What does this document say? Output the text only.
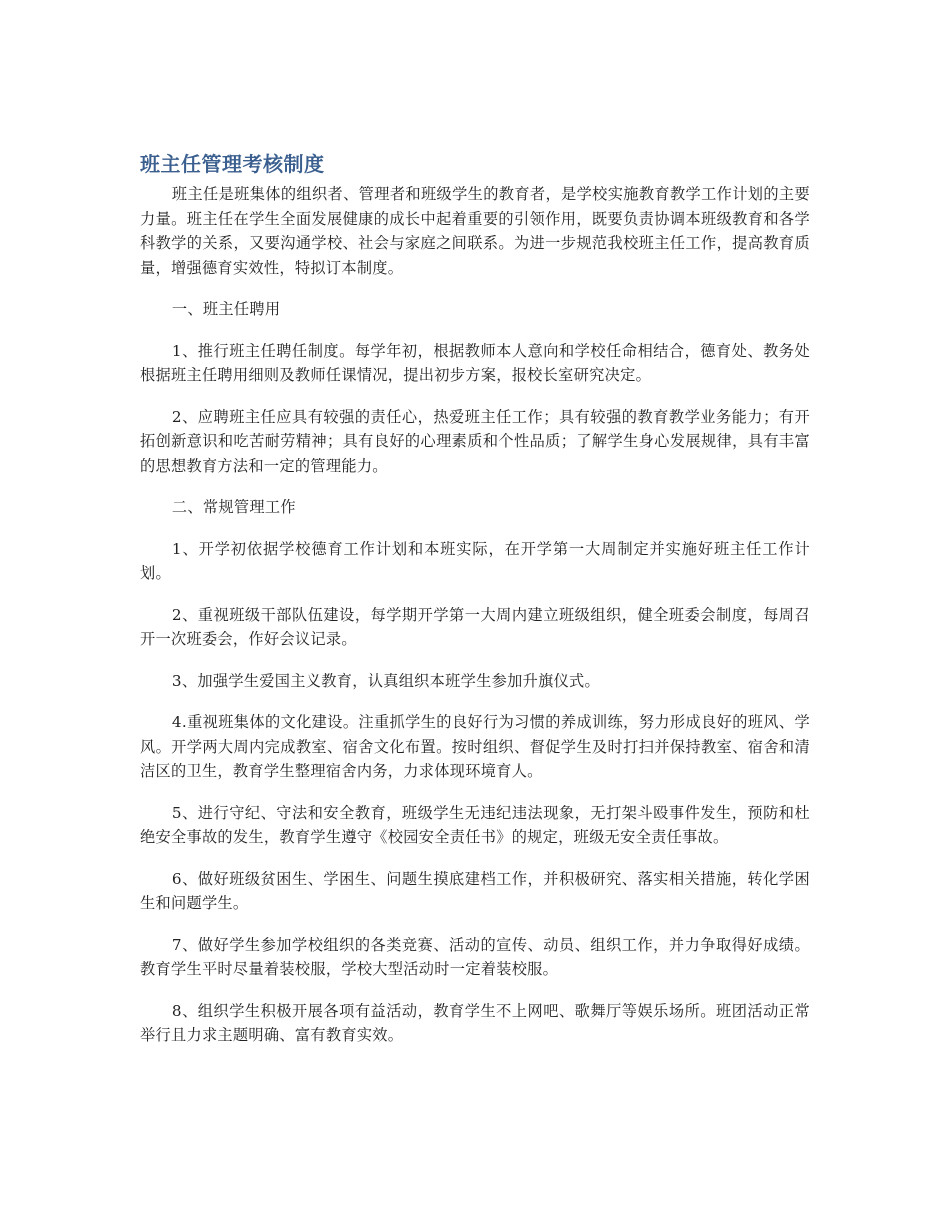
班主任管理考核制度

班主任是班集体的组织者、管理者和班级学生的教育者，是学校实施教育教学工作计划的主要力量。班主任在学生全面发展健康的成长中起着重要的引领作用，既要负责协调本班级教育和各学科教学的关系，又要沟通学校、社会与家庭之间联系。为进一步规范我校班主任工作，提高教育质量，增强德育实效性，特拟订本制度。

一、班主任聘用

1、推行班主任聘任制度。每学年初，根据教师本人意向和学校任命相结合，德育处、教务处根据班主任聘用细则及教师任课情况，提出初步方案，报校长室研究决定。

2、应聘班主任应具有较强的责任心，热爱班主任工作；具有较强的教育教学业务能力；有开拓创新意识和吃苦耐劳精神；具有良好的心理素质和个性品质；了解学生身心发展规律，具有丰富的思想教育方法和一定的管理能力。

二、常规管理工作

1、开学初依据学校德育工作计划和本班实际，在开学第一大周制定并实施好班主任工作计划。

2、重视班级干部队伍建设，每学期开学第一大周内建立班级组织，健全班委会制度，每周召开一次班委会，作好会议记录。

3、加强学生爱国主义教育，认真组织本班学生参加升旗仪式。

4.重视班集体的文化建设。注重抓学生的良好行为习惯的养成训练，努力形成良好的班风、学风。开学两大周内完成教室、宿舍文化布置。按时组织、督促学生及时打扫并保持教室、宿舍和清洁区的卫生，教育学生整理宿舍内务，力求体现环境育人。

5、进行守纪、守法和安全教育，班级学生无违纪违法现象，无打架斗殴事件发生，预防和杜绝安全事故的发生，教育学生遵守《校园安全责任书》的规定，班级无安全责任事故。

6、做好班级贫困生、学困生、问题生摸底建档工作，并积极研究、落实相关措施，转化学困生和问题学生。

7、做好学生参加学校组织的各类竞赛、活动的宣传、动员、组织工作，并力争取得好成绩。教育学生平时尽量着装校服，学校大型活动时一定着装校服。

8、组织学生积极开展各项有益活动，教育学生不上网吧、歌舞厅等娱乐场所。班团活动正常举行且力求主题明确、富有教育实效。
